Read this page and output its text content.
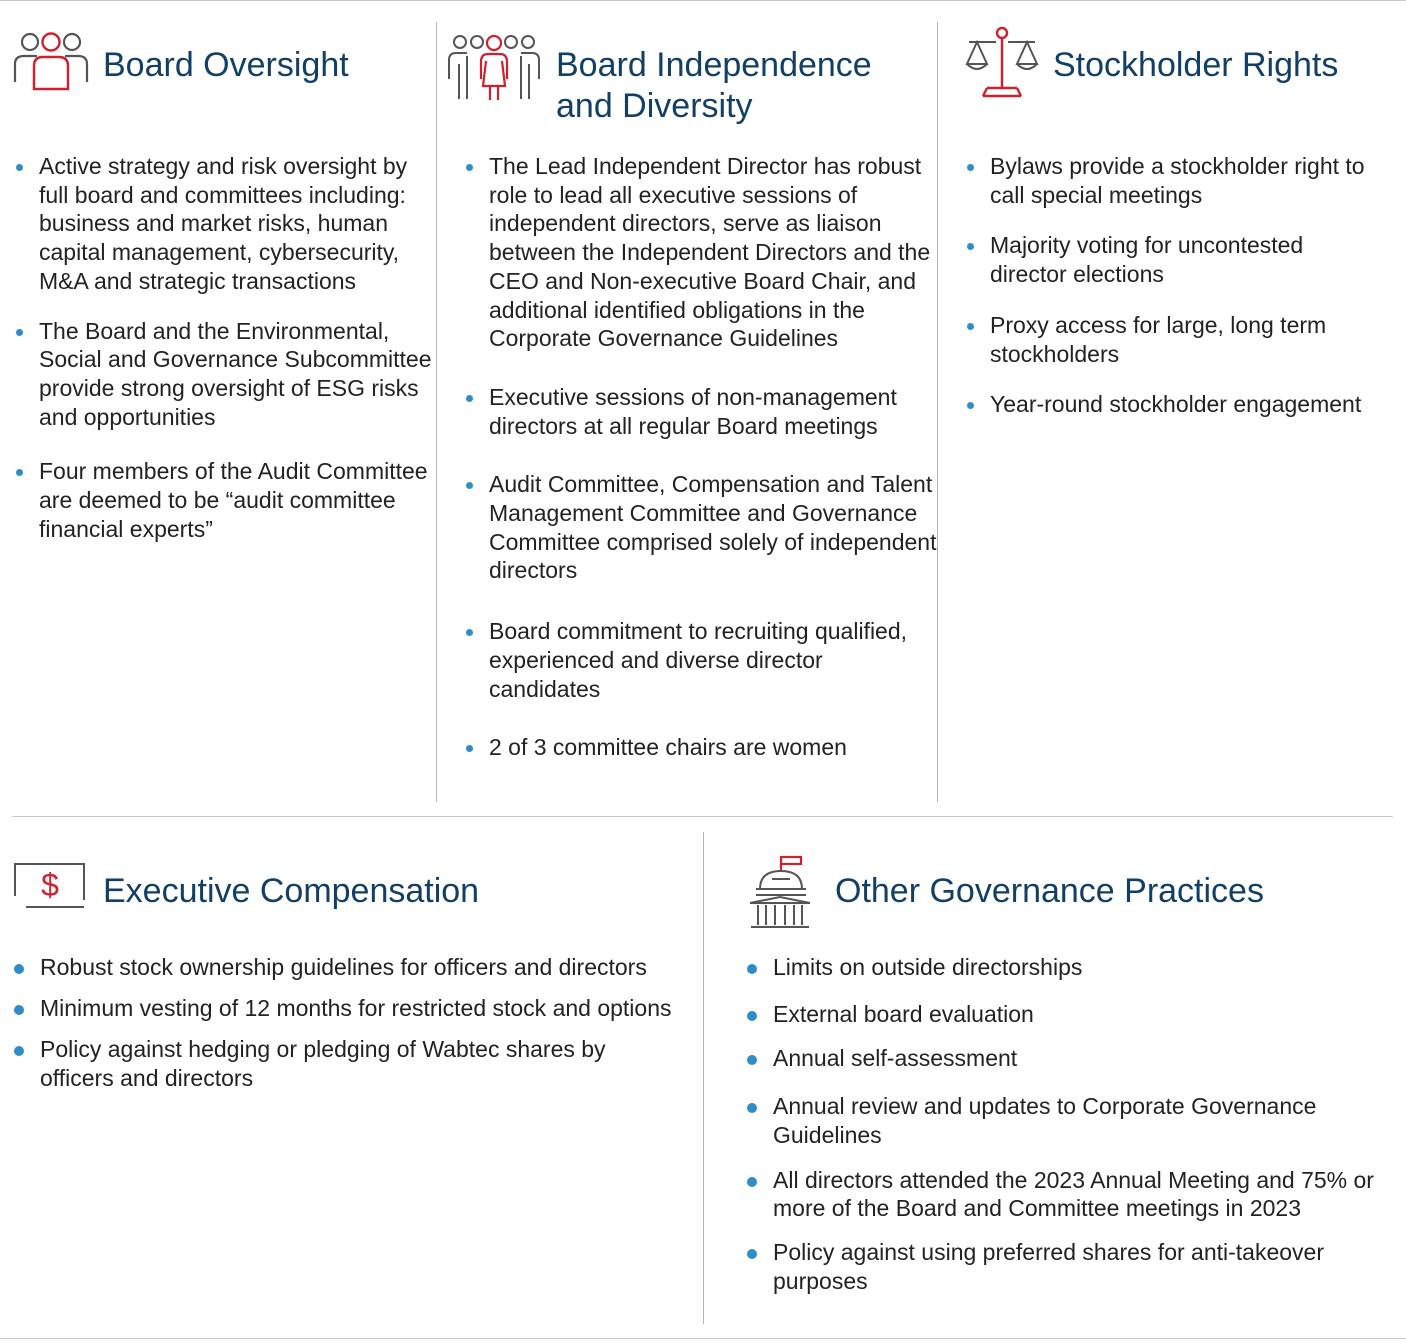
Board Oversight
Active strategy and risk oversight by full board and committees including: business and market risks, human capital management, cybersecurity, M&A and strategic transactions
The Board and the Environmental, Social and Governance Subcommittee provide strong oversight of ESG risks and opportunities
Four members of the Audit Committee are deemed to be “audit committee financial experts”
Board Independence
and Diversity
The Lead Independent Director has robust role to lead all executive sessions of independent directors, serve as liaison between the Independent Directors and the CEO and Non-executive Board Chair, and additional identified obligations in the Corporate Governance Guidelines
Executive sessions of non-management directors at all regular Board meetings
Audit Committee, Compensation and Talent Management Committee and Governance Committee comprised solely of independent directors
Board commitment to recruiting qualified, experienced and diverse director candidates
2 of 3 committee chairs are women
Stockholder Rights
Bylaws provide a stockholder right to call special meetings
Majority voting for uncontested director elections
Proxy access for large, long term stockholders
Year-round stockholder engagement
$ Executive Compensation
Robust stock ownership guidelines for officers and directors
Minimum vesting of 12 months for restricted stock and options
Policy against hedging or pledging of Wabtec shares by officers and directors
Other Governance Practices
Limits on outside directorships
External board evaluation
Annual self-assessment
Annual review and updates to Corporate Governance Guidelines
All directors attended the 2023 Annual Meeting and 75% or more of the Board and Committee meetings in 2023
Policy against using preferred shares for anti-takeover purposes
